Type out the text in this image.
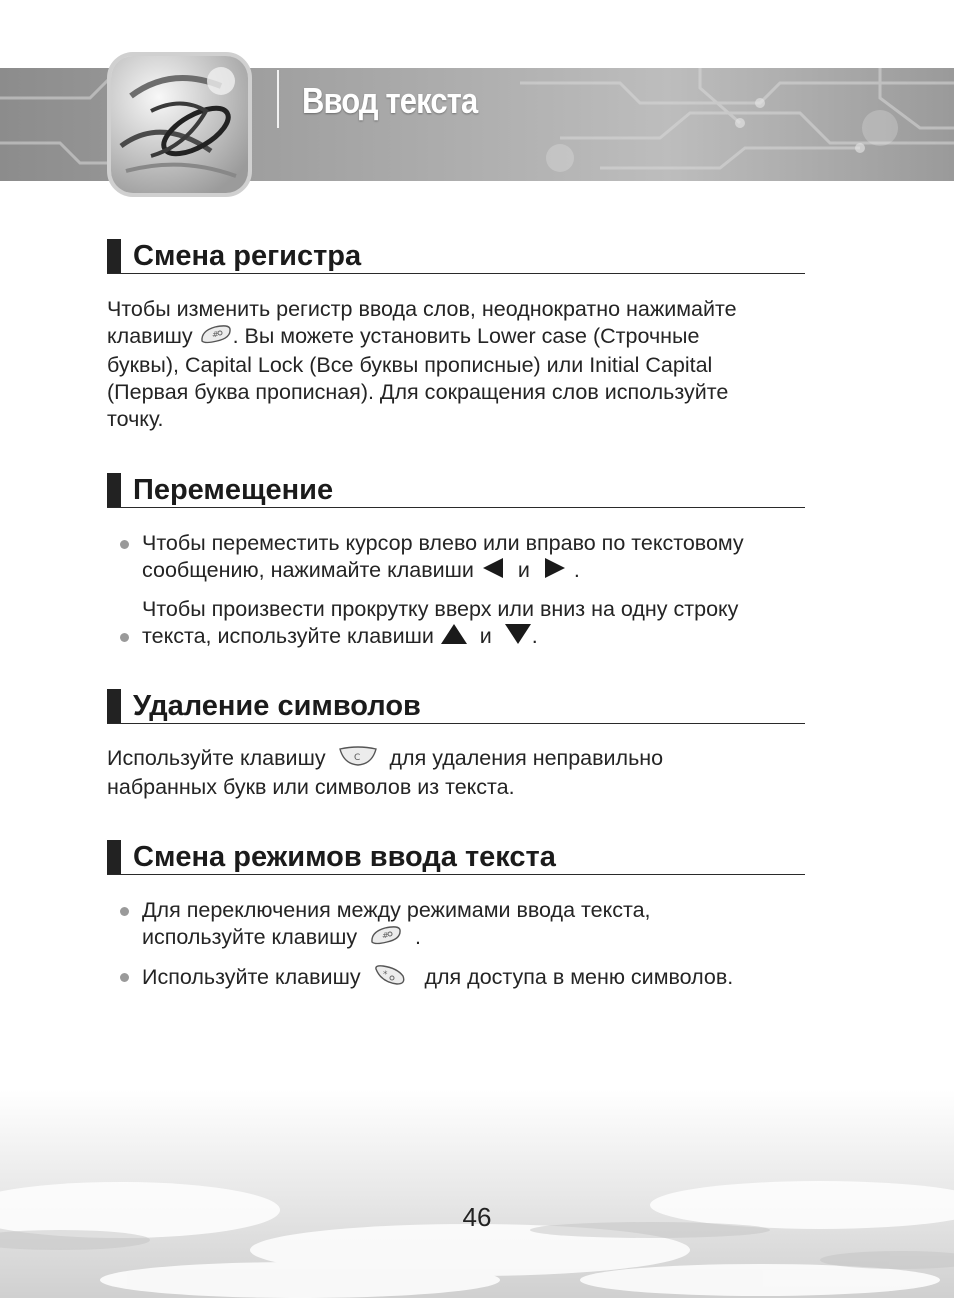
Ввод текста
Смена регистра

Чтобы изменить регистр ввода слов, неоднократно нажимайте

клавишу # . Вы можете установить Lower case (Строчные

буквы), Capital Lock (Все буквы прописные) или Initial Capital

(Первая буква прописная). Для сокращения слов используйте

точку.

Перемещение

Чтобы переместить курсор влево или вправо по текстовому

сообщению, нажимайте клавиши и .

Чтобы произвести прокрутку вверх или вниз на одну строку

текста, используйте клавиши и .

Удаление символов

Используйте клавишу	C для удаления неправильно

набранных букв или символов из текста.

Смена режимов ввода текста

Для переключения между режимами ввода текста,

используйте клавишу	# .

Используйте клавишу * для доступа в меню символов.

46
